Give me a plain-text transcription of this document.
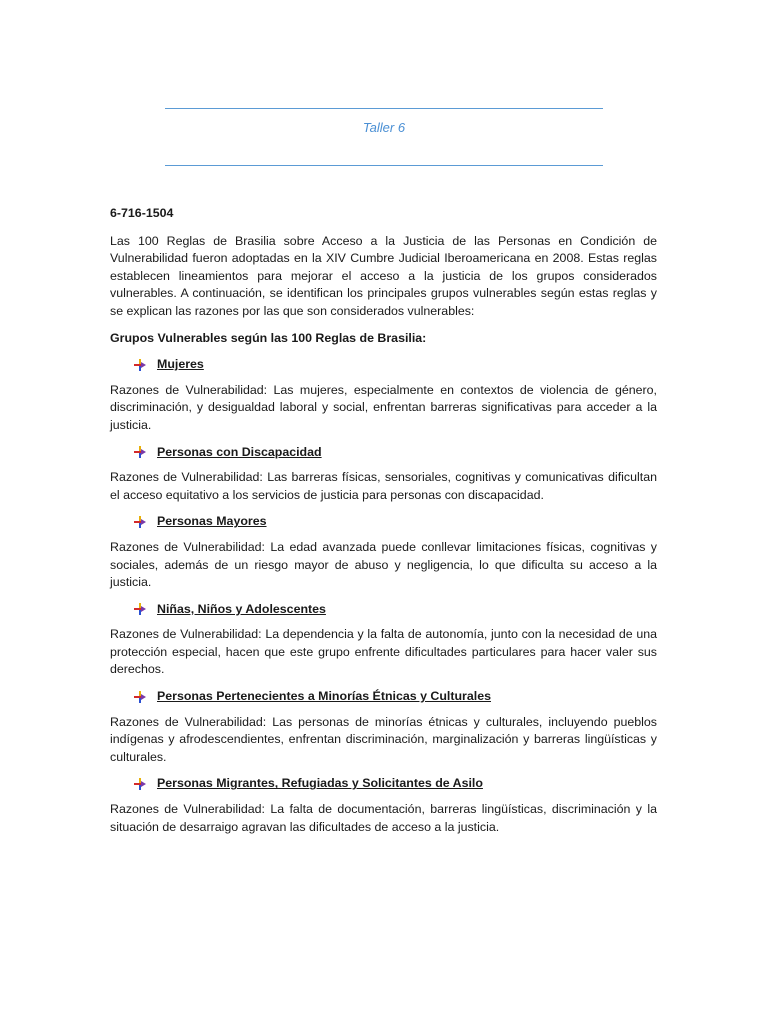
Taller 6

6-716-1504

Las 100 Reglas de Brasilia sobre Acceso a la Justicia de las Personas en Condición de Vulnerabilidad fueron adoptadas en la XIV Cumbre Judicial Iberoamericana en 2008. Estas reglas establecen lineamientos para mejorar el acceso a la justicia de los grupos considerados vulnerables. A continuación, se identifican los principales grupos vulnerables según estas reglas y se explican las razones por las que son considerados vulnerables:

Grupos Vulnerables según las 100 Reglas de Brasilia:

Mujeres

Razones de Vulnerabilidad: Las mujeres, especialmente en contextos de violencia de género, discriminación, y desigualdad laboral y social, enfrentan barreras significativas para acceder a la justicia.

Personas con Discapacidad

Razones de Vulnerabilidad: Las barreras físicas, sensoriales, cognitivas y comunicativas dificultan el acceso equitativo a los servicios de justicia para personas con discapacidad.

Personas Mayores

Razones de Vulnerabilidad: La edad avanzada puede conllevar limitaciones físicas, cognitivas y sociales, además de un riesgo mayor de abuso y negligencia, lo que dificulta su acceso a la justicia.

Niñas, Niños y Adolescentes

Razones de Vulnerabilidad: La dependencia y la falta de autonomía, junto con la necesidad de una protección especial, hacen que este grupo enfrente dificultades particulares para hacer valer sus derechos.

Personas Pertenecientes a Minorías Étnicas y Culturales

Razones de Vulnerabilidad: Las personas de minorías étnicas y culturales, incluyendo pueblos indígenas y afrodescendientes, enfrentan discriminación, marginalización y barreras lingüísticas y culturales.

Personas Migrantes, Refugiadas y Solicitantes de Asilo

Razones de Vulnerabilidad: La falta de documentación, barreras lingüísticas, discriminación y la situación de desarraigo agravan las dificultades de acceso a la justicia.
